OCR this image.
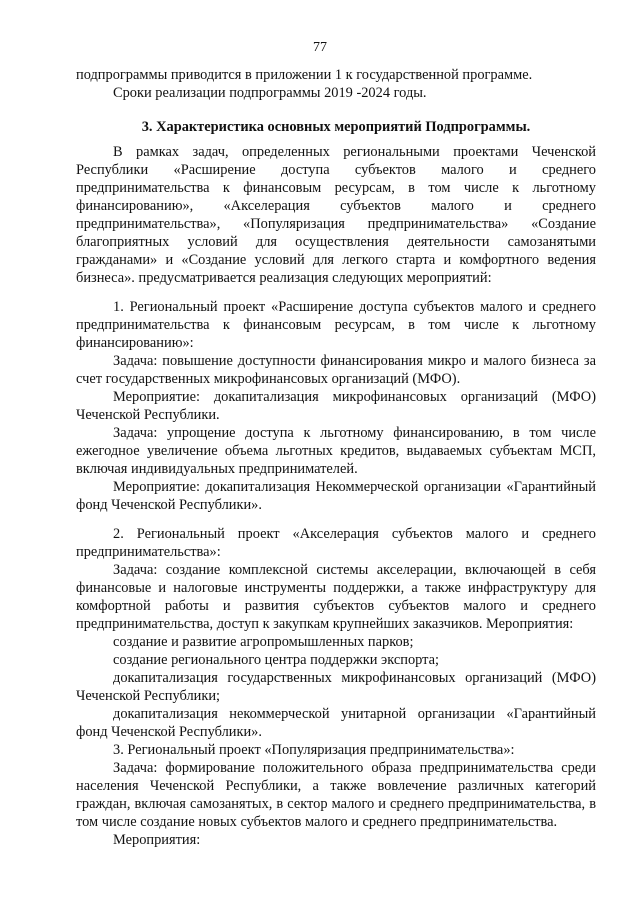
77

подпрограммы приводится в приложении 1 к государственной программе.

Сроки реализации подпрограммы 2019 -2024 годы.

3. Характеристика основных мероприятий Подпрограммы.

В рамках задач, определенных региональными проектами Чеченской Республики «Расширение доступа субъектов малого и среднего предпринимательства к финансовым ресурсам, в том числе к льготному финансированию», «Акселерация субъектов малого и среднего предпринимательства», «Популяризация предпринимательства» «Создание благоприятных условий для осуществления деятельности самозанятыми гражданами» и «Создание условий для легкого старта и комфортного ведения бизнеса». предусматривается реализация следующих мероприятий:

1. Региональный проект «Расширение доступа субъектов малого и среднего предпринимательства к финансовым ресурсам, в том числе к льготному финансированию»:

Задача: повышение доступности финансирования микро и малого бизнеса за счет государственных микрофинансовых организаций (МФО).

Мероприятие: докапитализация микрофинансовых организаций (МФО) Чеченской Республики.

Задача: упрощение доступа к льготному финансированию, в том числе ежегодное увеличение объема льготных кредитов, выдаваемых субъектам МСП, включая индивидуальных предпринимателей.

Мероприятие: докапитализация Некоммерческой организации «Гарантийный фонд Чеченской Республики».

2. Региональный проект «Акселерация субъектов малого и среднего предпринимательства»:

Задача: создание комплексной системы акселерации, включающей в себя финансовые и налоговые инструменты поддержки, а также инфраструктуру для комфортной работы и развития субъектов субъектов малого и среднего предпринимательства, доступ к закупкам крупнейших заказчиков. Мероприятия:

создание и развитие агропромышленных парков;

создание регионального центра поддержки экспорта;

докапитализация государственных микрофинансовых организаций (МФО) Чеченской Республики;

докапитализация некоммерческой унитарной организации «Гарантийный фонд Чеченской Республики».

3. Региональный проект «Популяризация предпринимательства»:

Задача: формирование положительного образа предпринимательства среди населения Чеченской Республики, а также вовлечение различных категорий граждан, включая самозанятых, в сектор малого и среднего предпринимательства, в том числе создание новых субъектов малого и среднего предпринимательства.

Мероприятия:
